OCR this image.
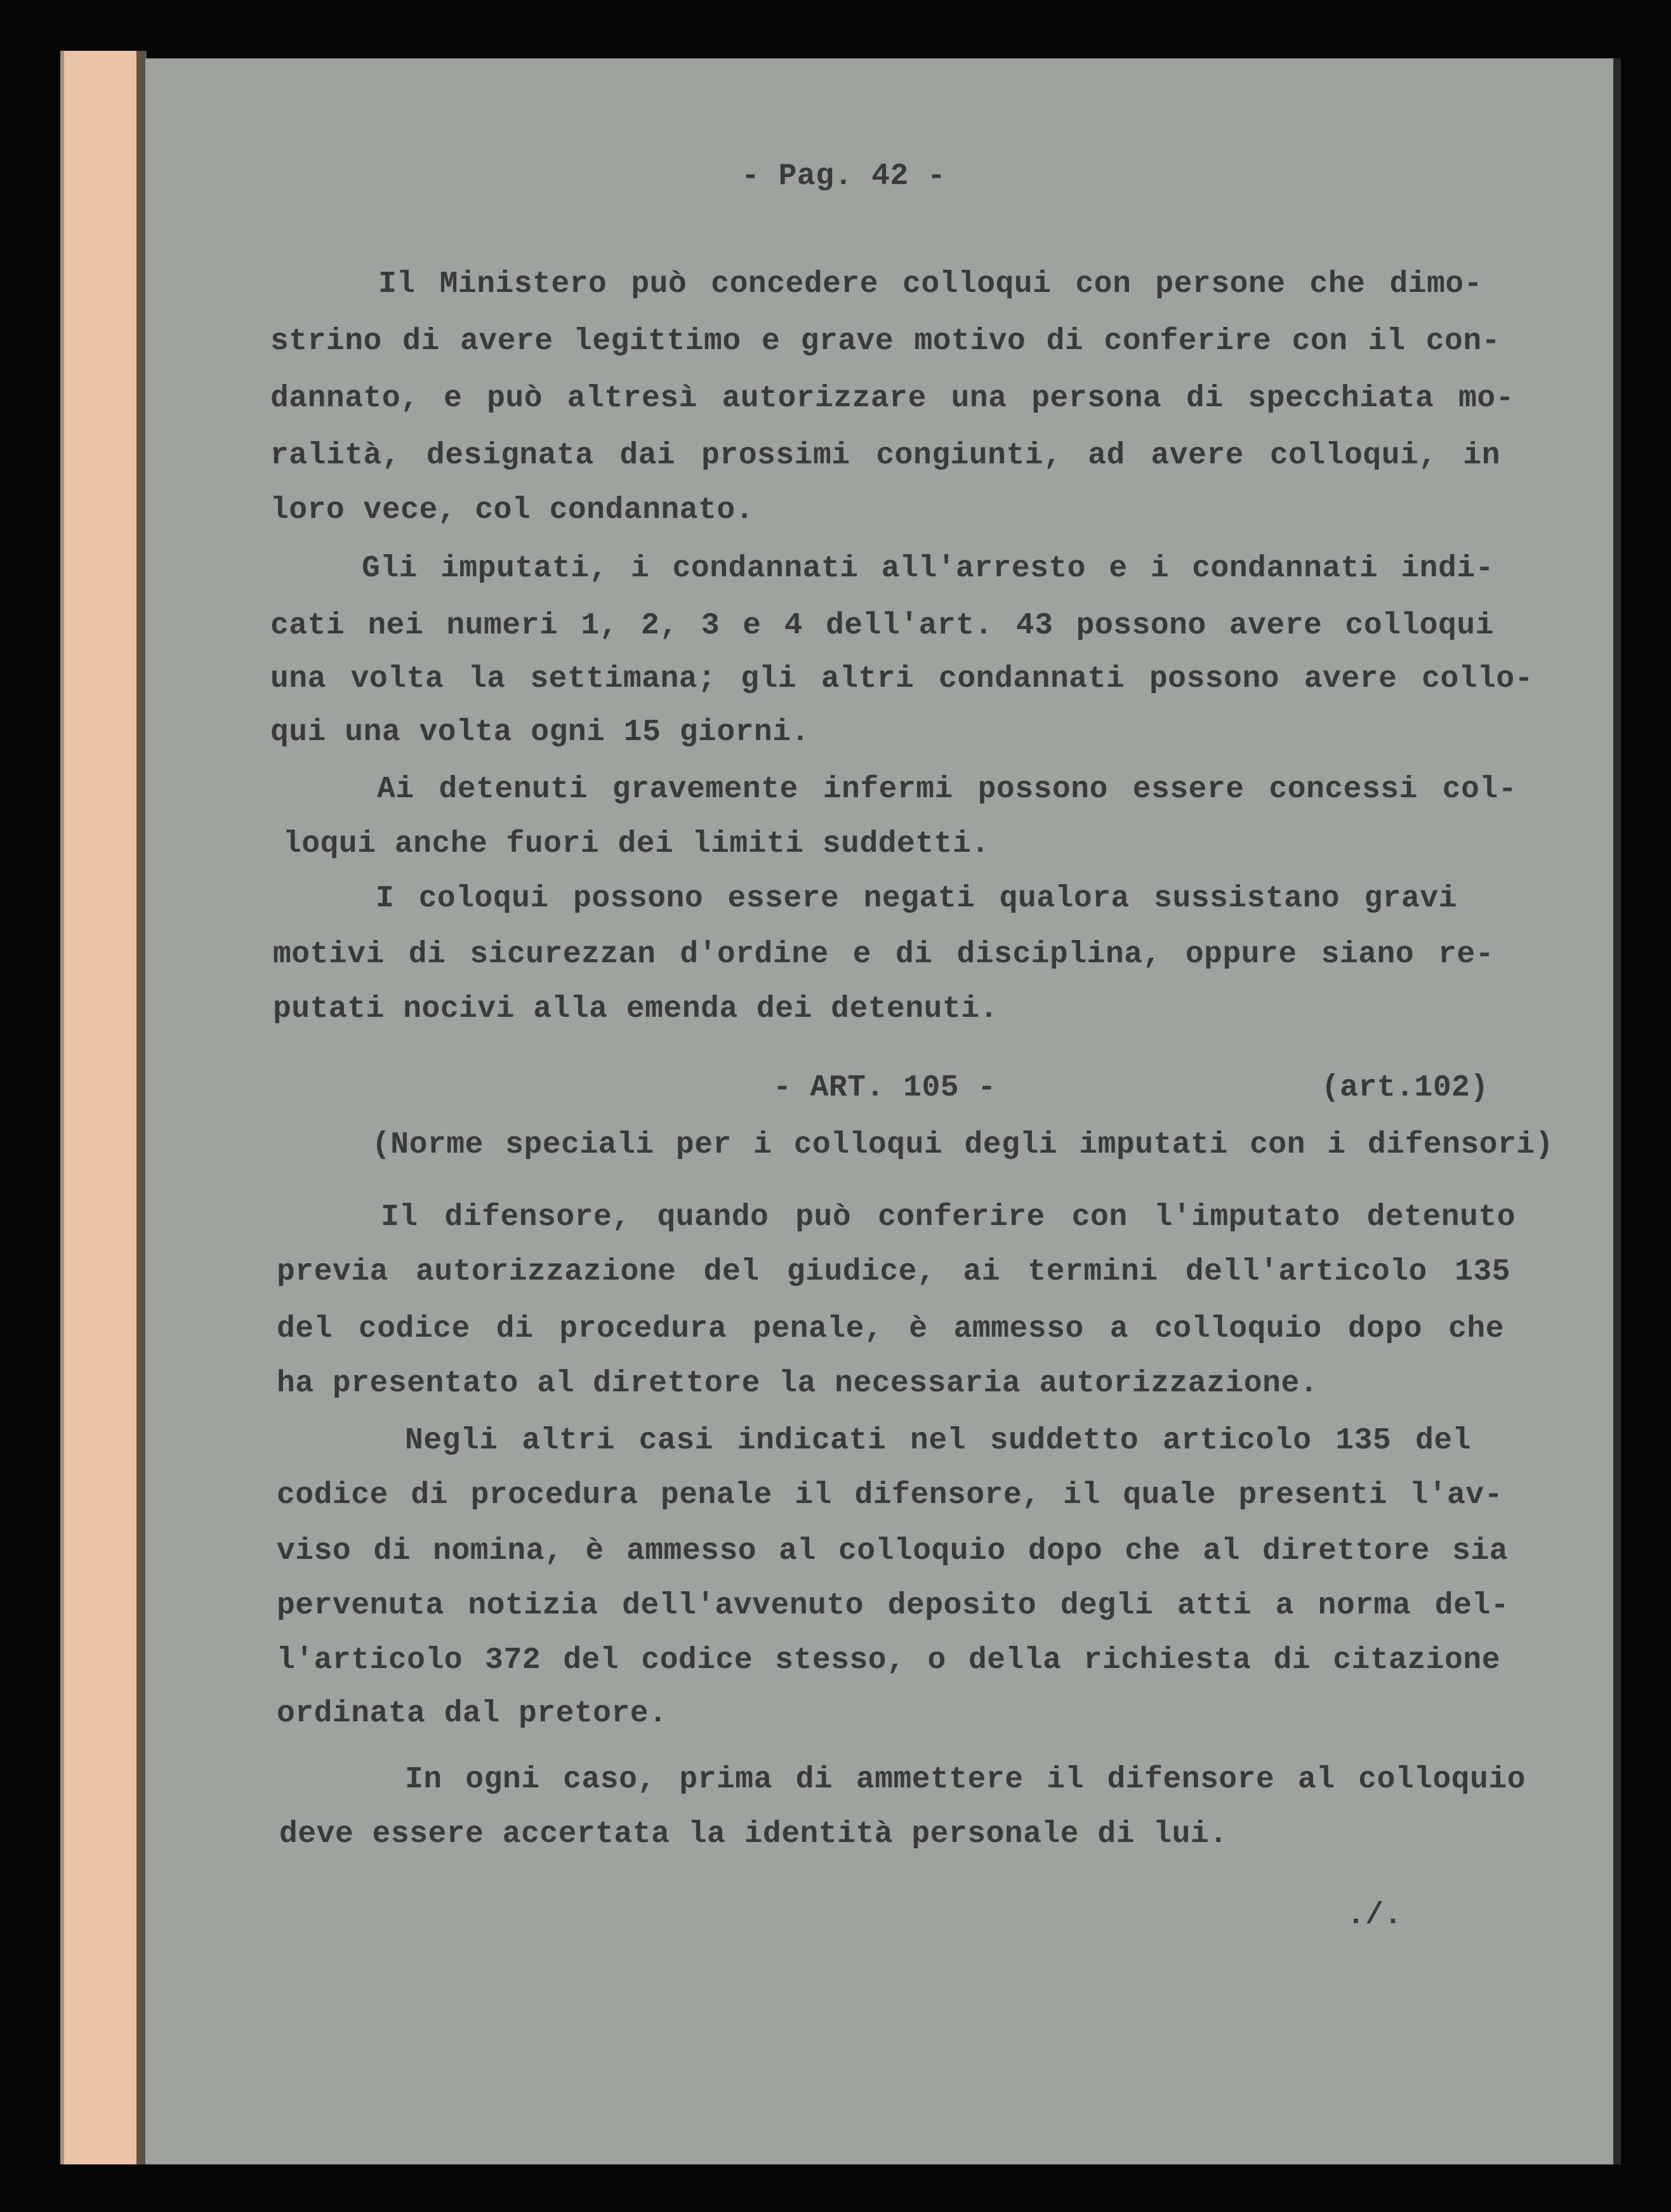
- Pag. 42 -
Il Ministero può concedere colloqui con persone che dimo-
strino di avere legittimo e grave motivo di conferire con il con-
dannato, e può altresì autorizzare una persona di specchiata mo-
ralità, designata dai prossimi congiunti, ad avere colloqui, in
loro vece, col condannato.
Gli imputati, i condannati all'arresto e i condannati indi-
cati nei numeri 1, 2, 3 e 4 dell'art. 43 possono avere colloqui
una volta la settimana; gli altri condannati possono avere collo-
qui una volta ogni 15 giorni.
Ai detenuti gravemente infermi possono essere concessi col-
loqui anche fuori dei limiti suddetti.
I coloqui possono essere negati qualora sussistano gravi
motivi di sicurezzan d'ordine e di disciplina, oppure siano re-
putati nocivi alla emenda dei detenuti.
- ART. 105 -	(art.102)
(Norme speciali per i colloqui degli imputati con i difensori)
Il difensore, quando può conferire con l'imputato detenuto
previa autorizzazione del giudice, ai termini dell'articolo 135
del codice di procedura penale, è ammesso a colloquio dopo che
ha presentato al direttore la necessaria autorizzazione.
Negli altri casi indicati nel suddetto articolo 135 del
codice di procedura penale il difensore, il quale presenti l'av-
viso di nomina, è ammesso al colloquio dopo che al direttore sia
pervenuta notizia dell'avvenuto deposito degli atti a norma del-
l'articolo 372 del codice stesso, o della richiesta di citazione
ordinata dal pretore.
In ogni caso, prima di ammettere il difensore al colloquio
deve essere accertata la identità personale di lui.
./.
